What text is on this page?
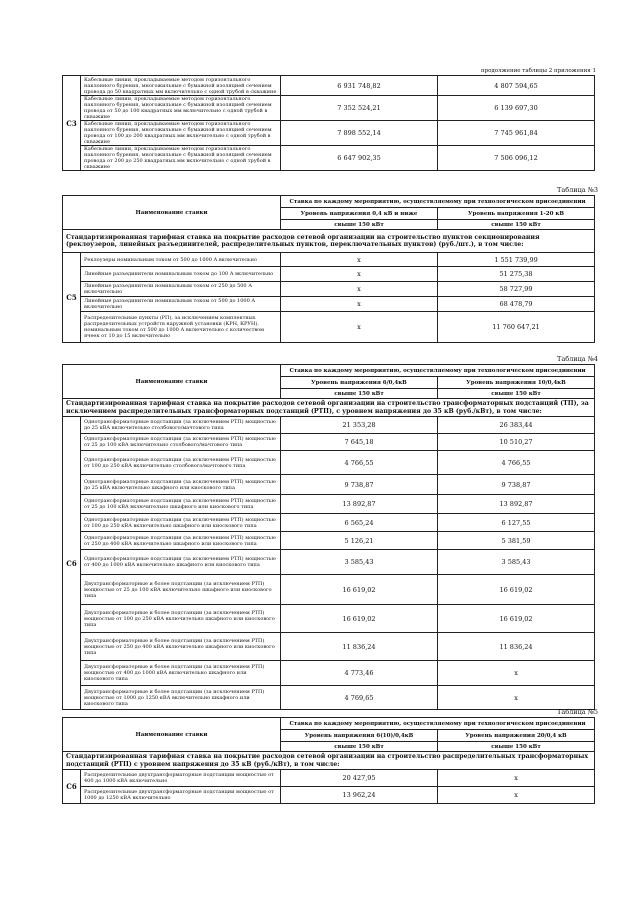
продолжение таблицы 2 приложения 1
C3	Кабельные линии, прокладываемые методом горизонтального наклонного бурения, многожильные с бумажной изоляцией сечением провода до 50 квадратных мм включительно с одной трубой в скважине	6 931 748,82	4 807 594,65
	Кабельные линии, прокладываемые методом горизонтального наклонного бурения, многожильные с бумажной изоляцией сечением провода от 50 до 100 квадратных мм включительно с одной трубой в скважине	7 352 524,21	6 139 697,30
	Кабельные линии, прокладываемые методом горизонтального наклонного бурения, многожильные с бумажной изоляцией сечением провода от 100 до 200 квадратных мм включительно с одной трубой в скважине	7 898 552,14	7 745 961,84
	Кабельные линии, прокладываемые методом горизонтального наклонного бурения, многожильные с бумажной изоляцией сечением провода от 200 до 250 квадратных мм включительно с одной трубой в скважине	6 647 902,35	7 506 096,12
Таблица №3
Наименование ставки		Ставка по каждому мероприятию, осуществляемому при технологическом присоединении	
		Уровень напряжения 0,4 кВ и ниже	Уровень напряжения 1-20 кВ
		свыше 150 кВт	свыше 150 кВт
Стандартизированная тарифная ставка на покрытие расходов сетевой организации на строительство пунктов секционирования (реклоузеров, линейных разъединителей, распределительных пунктов, переключательных пунктов) (руб./шт.), в том числе:			
C5	Реклоузеры номинальным током от 500 до 1000 А включительно	x	1 551 739,99
	Линейные разъединители номинальным током до 100 А включительно	x	51 275,38
	Линейные разъединители номинальным током от 250 до 500 А включительно	x	58 727,99
	Линейные разъединители номинальным током от 500 до 1000 А включительно	x	68 478,79
	Распределительные пункты (РП), за исключением комплектных распределительных устройств наружной установки (КРН, КРУН), номинальным током от 500 до 1000 А включительно с количеством ячеек от 10 до 15 включительно	x	11 760 647,21
Таблица №4
Наименование ставки		Ставка по каждому мероприятию, осуществляемому при технологическом присоединении	
		Уровень напряжения 6/0,4кВ	Уровень напряжения 10/0,4кВ
		свыше 150 кВт	свыше 150 кВт
Стандартизированная тарифная ставка на покрытие расходов сетевой организации на строительство трансформаторных подстанций (ТП), за исключением распределительных трансформаторных подстанций (РТП), с уровнем напряжения до 35 кВ (руб./кВт), в том числе:			
C6	Однотрансформаторные подстанции (за исключением РТП) мощностью до 25 кВА включительно столбового/мачтового типа	21 353,28	26 383,44
	Однотрансформаторные подстанции (за исключением РТП) мощностью от 25 до 100 кВА включительно столбового/мачтового типа	7 645,18	10 510,27
	Однотрансформаторные подстанции (за исключением РТП) мощностью от 100 до 250 кВА включительно столбового/мачтового типа	4 766,55	4 766,55
	Однотрансформаторные подстанции (за исключением РТП) мощностью до 25 кВА включительно шкафного или киоскового типа	9 738,87	9 738,87
	Однотрансформаторные подстанции (за исключением РТП) мощностью от 25 до 100 кВА включительно шкафного или киоскового типа	13 892,87	13 892,87
	Однотрансформаторные подстанции (за исключением РТП) мощностью от 100 до 250 кВА включительно шкафного или киоскового типа	6 565,24	6 127,55
	Однотрансформаторные подстанции (за исключением РТП) мощностью от 250 до 400 кВА включительно шкафного или киоскового типа	5 126,21	5 381,59
	Однотрансформаторные подстанции (за исключением РТП) мощностью от 400 до 1000 кВА включительно шкафного или киоскового типа	3 585,43	3 585,43
	Двухтрансформаторные и более подстанции (за исключением РТП) мощностью от 25 до 100 кВА включительно шкафного или киоскового типа	16 619,02	16 619,02
	Двухтрансформаторные и более подстанции (за исключением РТП) мощностью от 100 до 250 кВА включительно шкафного или киоскового типа	16 619,02	16 619,02
	Двухтрансформаторные и более подстанции (за исключением РТП) мощностью от 250 до 400 кВА включительно шкафного или киоскового типа	11 836,24	11 836,24
	Двухтрансформаторные и более подстанции (за исключением РТП) мощностью от 400 до 1000 кВА включительно шкафного или киоскового типа	4 773,46	x
	Двухтрансформаторные и более подстанции (за исключением РТП) мощностью от 1000 до 1250 кВА включительно шкафного или киоскового типа	4 769,65	x
Таблица №5
Наименование ставки		Ставка по каждому мероприятию, осуществляемому при технологическом присоединении	
		Уровень напряжения 6(10)/0,4кВ	Уровень напряжения 20/0,4 кВ
		свыше 150 кВт	свыше 150 кВт
Стандартизированная тарифная ставка на покрытие расходов сетевой организации на строительство распределительных трансформаторных подстанций (РТП) с уровнем напряжения до 35 кВ (руб./кВт), в том числе:			
C6	Распределительные двухтрансформаторные подстанции мощностью от 400 до 1000 кВА включительно	20 427,95	x
	Распределительные двухтрансформаторные подстанции мощностью от 1000 до 1250 кВА включительно	13 962,24	x
